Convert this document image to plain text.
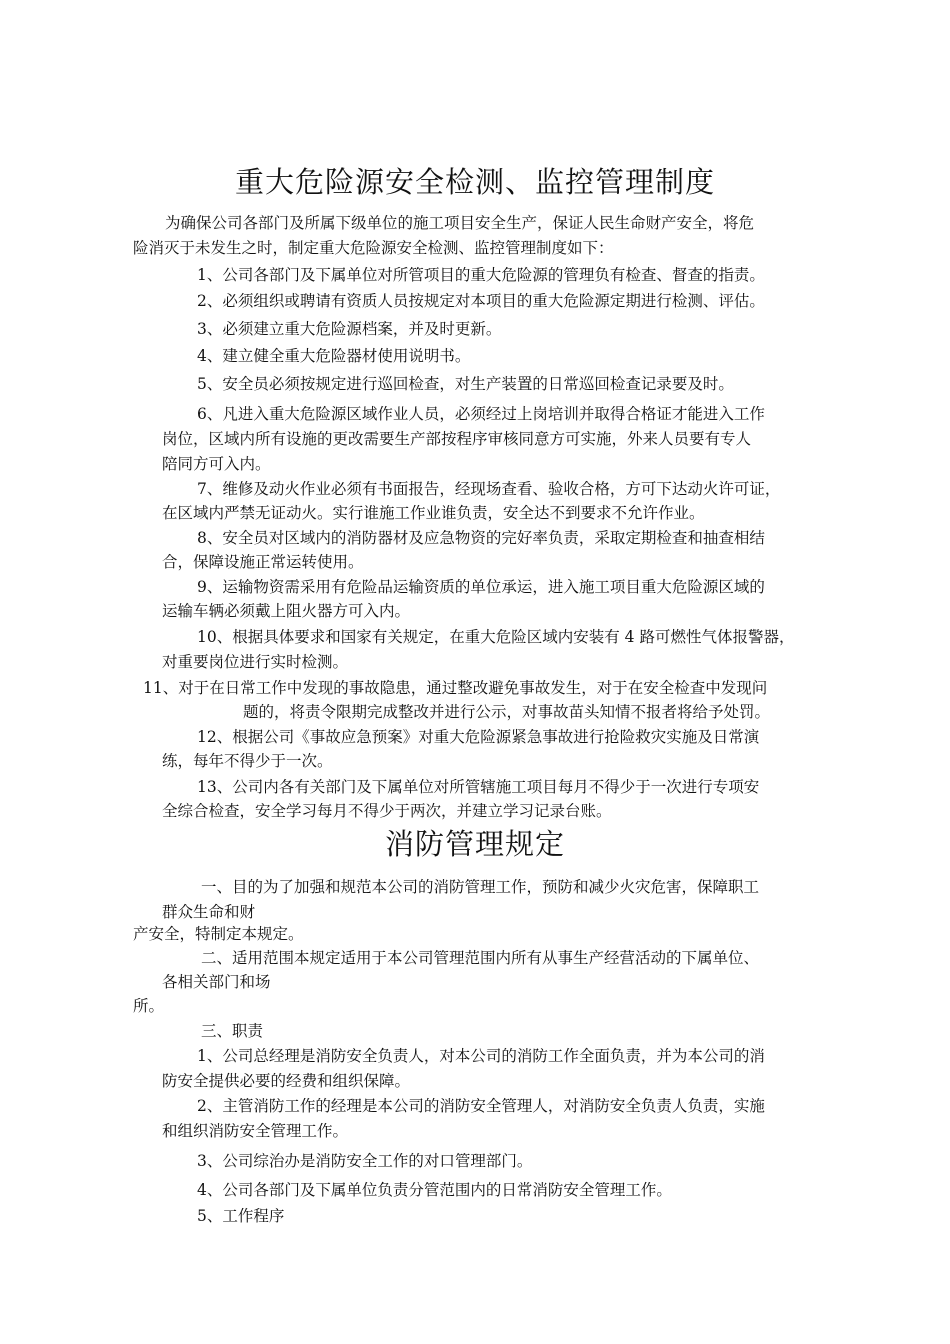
重大危险源安全检测、监控管理制度

为确保公司各部门及所属下级单位的施工项目安全生产，保证人民生命财产安全，将危

险消灭于未发生之时，制定重大危险源安全检测、监控管理制度如下：

1、公司各部门及下属单位对所管项目的重大危险源的管理负有检查、督查的指责。

2、必须组织或聘请有资质人员按规定对本项目的重大危险源定期进行检测、评估。

3、必须建立重大危险源档案，并及时更新。

4、建立健全重大危险器材使用说明书。

5、安全员必须按规定进行巡回检查，对生产装置的日常巡回检查记录要及时。

6、凡进入重大危险源区域作业人员，必须经过上岗培训并取得合格证才能进入工作

岗位，区域内所有设施的更改需要生产部按程序审核同意方可实施，外来人员要有专人

陪同方可入内。

7、维修及动火作业必须有书面报告，经现场查看、验收合格，方可下达动火许可证，

在区域内严禁无证动火。实行谁施工作业谁负责，安全达不到要求不允许作业。

8、安全员对区域内的消防器材及应急物资的完好率负责，采取定期检查和抽查相结

合，保障设施正常运转使用。

9、运输物资需采用有危险品运输资质的单位承运，进入施工项目重大危险源区域的

运输车辆必须戴上阻火器方可入内。

10、根据具体要求和国家有关规定，在重大危险区域内安装有 4 路可燃性气体报警器，

对重要岗位进行实时检测。

11、对于在日常工作中发现的事故隐患，通过整改避免事故发生，对于在安全检查中发现问

题的，将责令限期完成整改并进行公示，对事故苗头知情不报者将给予处罚。

12、根据公司《事故应急预案》对重大危险源紧急事故进行抢险救灾实施及日常演

练，每年不得少于一次。

13、公司内各有关部门及下属单位对所管辖施工项目每月不得少于一次进行专项安

全综合检查，安全学习每月不得少于两次，并建立学习记录台账。

消防管理规定

一、目的为了加强和规范本公司的消防管理工作，预防和减少火灾危害，保障职工

群众生命和财

产安全，特制定本规定。

二、适用范围本规定适用于本公司管理范围内所有从事生产经营活动的下属单位、

各相关部门和场

所。

三、职责

1、公司总经理是消防安全负责人，对本公司的消防工作全面负责，并为本公司的消

防安全提供必要的经费和组织保障。

2、主管消防工作的经理是本公司的消防安全管理人，对消防安全负责人负责，实施

和组织消防安全管理工作。

3、公司综治办是消防安全工作的对口管理部门。

4、公司各部门及下属单位负责分管范围内的日常消防安全管理工作。

5、工作程序
